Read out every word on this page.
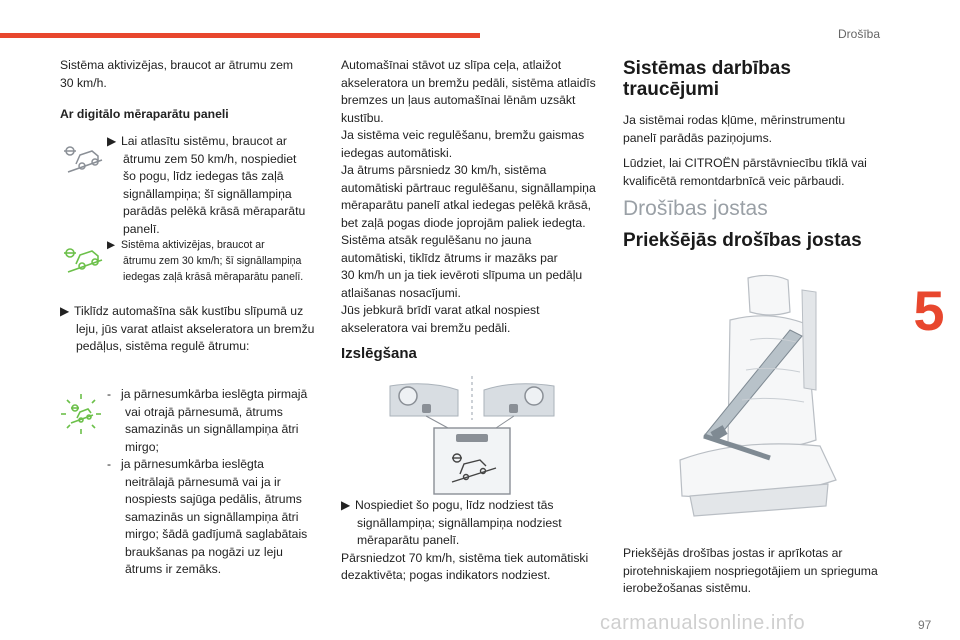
Drošība
5

Sistēma aktivizējas, braucot ar ātrumu zem

30 km/h.

Ar digitālo mēraparātu paneli

▶ Lai atlasītu sistēmu, braucot ar

ātrumu zem 50 km/h, nospiediet

šo pogu, līdz iedegas tās zaļā

signāllampiņa; šī signāllampiņa

parādās pelēkā krāsā mēraparātu

panelī.

▶ Sistēma aktivizējas, braucot ar

ātrumu zem 30 km/h; šī signāllampiņa

iedegas zaļā krāsā mēraparātu panelī.

▶ Tiklīdz automašīna sāk kustību slīpumā uz

leju, jūs varat atlaist akseleratora un bremžu

pedāļus, sistēma regulē ātrumu:

- ja pārnesumkārba ieslēgta pirmajā

vai otrajā pārnesumā, ātrums

samazinās un signāllampiņa ātri

mirgo;

- ja pārnesumkārba ieslēgta

neitrālajā pārnesumā vai ja ir

nospiests sajūga pedālis, ātrums

samazinās un signāllampiņa ātri

mirgo; šādā gadījumā saglabātais

braukšanas pa nogāzi uz leju

ātrums ir zemāks.

Automašīnai stāvot uz slīpa ceļa, atlaižot

akseleratora un bremžu pedāli, sistēma atlaidīs

bremzes un ļaus automašīnai lēnām uzsākt

kustību.

Ja sistēma veic regulēšanu, bremžu gaismas

iedegas automātiski.

Ja ātrums pārsniedz 30 km/h, sistēma

automātiski pārtrauc regulēšanu, signāllampiņa

mēraparātu panelī atkal iedegas pelēkā krāsā,

bet zaļā pogas diode joprojām paliek iedegta.

Sistēma atsāk regulēšanu no jauna

automātiski, tiklīdz ātrums ir mazāks par

30 km/h un ja tiek ievēroti slīpuma un pedāļu

atlaišanas nosacījumi.

Jūs jebkurā brīdī varat atkal nospiest

akseleratora vai bremžu pedāli.

Izslēgšana

▶ Nospiediet šo pogu, līdz nodziest tās

signāllampiņa; signāllampiņa nodziest

mēraparātu panelī.

Pārsniedzot 70 km/h, sistēma tiek automātiski

dezaktivēta; pogas indikators nodziest.

Sistēmas darbības

traucējumi

Ja sistēmai rodas kļūme, mērinstrumentu

panelī parādās paziņojums.

Lūdziet, lai CITROËN pārstāvniecību tīklā vai

kvalificētā remontdarbnīcā veic pārbaudi.

Drošības jostas
Priekšējās drošības jostas

Priekšējās drošības jostas ir aprīkotas ar

pirotehniskajiem nospriegotājiem un sprieguma

ierobežošanas sistēmu.

carmanualsonline.info	97
